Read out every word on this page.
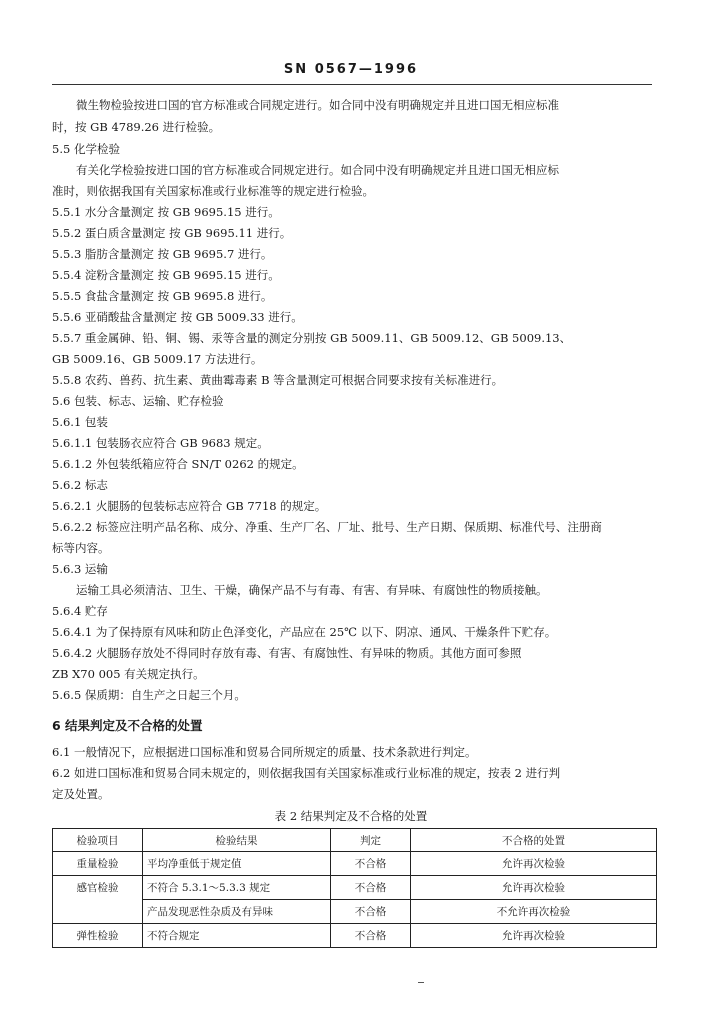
SN 0567—1996
微生物检验按进口国的官方标准或合同规定进行。如合同中没有明确规定并且进口国无相应标准
时，按 GB 4789.26 进行检验。
5.5 化学检验
有关化学检验按进口国的官方标准或合同规定进行。如合同中没有明确规定并且进口国无相应标
准时，则依据我国有关国家标准或行业标准等的规定进行检验。
5.5.1 水分含量测定 按 GB 9695.15 进行。
5.5.2 蛋白质含量测定 按 GB 9695.11 进行。
5.5.3 脂肪含量测定 按 GB 9695.7 进行。
5.5.4 淀粉含量测定 按 GB 9695.15 进行。
5.5.5 食盐含量测定 按 GB 9695.8 进行。
5.5.6 亚硝酸盐含量测定 按 GB 5009.33 进行。
5.5.7 重金属砷、铅、铜、锡、汞等含量的测定分别按 GB 5009.11、GB 5009.12、GB 5009.13、
GB 5009.16、GB 5009.17 方法进行。
5.5.8 农药、兽药、抗生素、黄曲霉毒素 B 等含量测定可根据合同要求按有关标准进行。
5.6 包装、标志、运输、贮存检验
5.6.1 包装
5.6.1.1 包装肠衣应符合 GB 9683 规定。
5.6.1.2 外包装纸箱应符合 SN/T 0262 的规定。
5.6.2 标志
5.6.2.1 火腿肠的包装标志应符合 GB 7718 的规定。
5.6.2.2 标签应注明产品名称、成分、净重、生产厂名、厂址、批号、生产日期、保质期、标准代号、注册商
标等内容。
5.6.3 运输
运输工具必须清洁、卫生、干燥，确保产品不与有毒、有害、有异味、有腐蚀性的物质接触。
5.6.4 贮存
5.6.4.1 为了保持原有风味和防止色泽变化，产品应在 25℃ 以下、阴凉、通风、干燥条件下贮存。
5.6.4.2 火腿肠存放处不得同时存放有毒、有害、有腐蚀性、有异味的物质。其他方面可参照
ZB X70 005 有关规定执行。
5.6.5 保质期：自生产之日起三个月。
6 结果判定及不合格的处置
6.1 一般情况下，应根据进口国标准和贸易合同所规定的质量、技术条款进行判定。
6.2 如进口国标准和贸易合同未规定的，则依据我国有关国家标准或行业标准的规定，按表 2 进行判
定及处置。
表 2 结果判定及不合格的处置
检验项目	检验结果	判定	不合格的处置
重量检验	平均净重低于规定值	不合格	允许再次检验
感官检验	不符合 5.3.1～5.3.3 规定	不合格	允许再次检验
	产品发现恶性杂质及有异味	不合格	不允许再次检验
弹性检验	不符合规定	不合格	允许再次检验
